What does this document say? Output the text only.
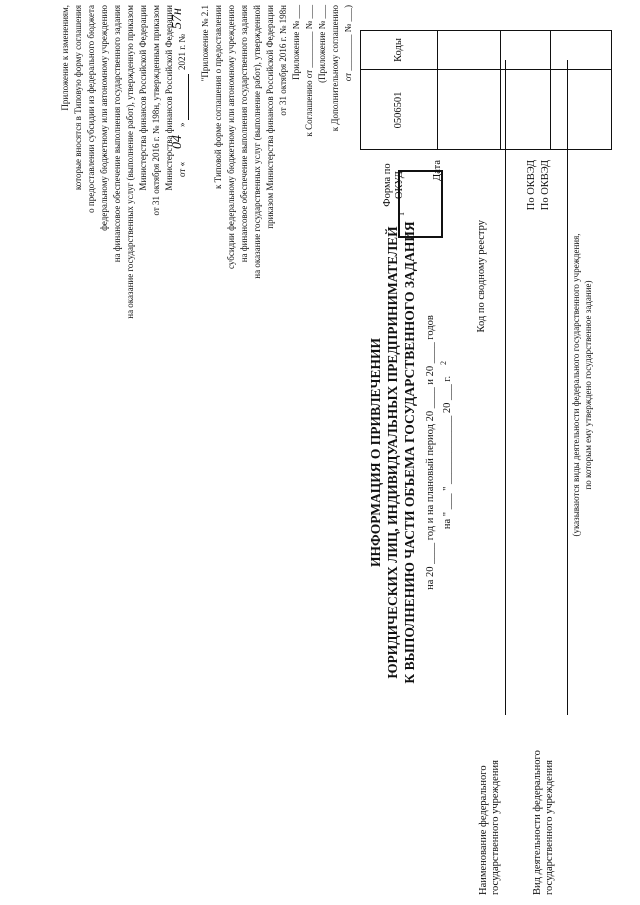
Приложение к изменениям, которые вносятся в Типовую форму соглашения о предоставлении субсидии из федерального бюджета федеральному бюджетному или автономному учреждению на финансовое обеспечение выполнения государственного задания на оказание государственных услуг (выполнение работ), утвержденную приказом Министерства финансов Российской Федерации от 31 октября 2016 г. № 198н, утвержденным приказом Министерства финансов Российской Федерации от «
04
»
2021 г. №
57н "Приложение № 2.1 к Типовой форме соглашения о предоставлении субсидии федеральному бюджетному или автономному учреждению на финансовое обеспечение выполнения государственного задания на оказание государственных услуг (выполнение работ), утвержденной приказом Министерства финансов Российской Федерации от 31 октября 2016 г. № 198н Приложение № ___ к Соглашению от ________ № ___ (Приложение № ___ к Дополнительному соглашению от ________ № ___)
ИНФОРМАЦИЯ О ПРИВЛЕЧЕНИИ ЮРИДИЧЕСКИХ ЛИЦ, ИНДИВИДУАЛЬНЫХ ПРЕДПРИНИМАТЕЛЕЙ К ВЫПОЛНЕНИЮ ЧАСТИ ОБЪЕМА ГОСУДАРСТВЕННОГО ЗАДАНИЯ
1
на 20 ____ год и на плановый период 20 ____ и 20 ____ годов на " ___ " _____________ 20 ___ г.
2
Коды
0506501
Форма по ОКУД
Дата
Код по сводному реестру
По ОКВЭД По ОКВЭД
Наименование федерального государственного учреждения	Вид деятельности федерального государственного учреждения
(указываются виды деятельности федерального государственного учреждения, по которым ему утверждено государственное задание)
